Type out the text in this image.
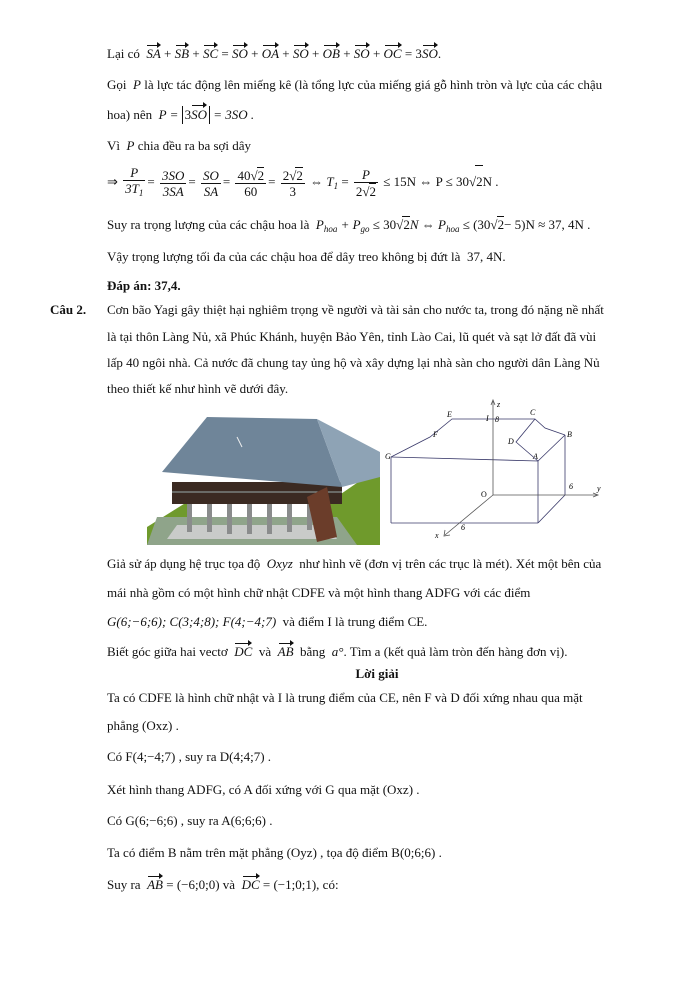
Lại có SA + SB + SC = SO + OA + SO + OB + SO + OC = 3SO.
Gọi P là lực tác động lên miếng kê (là tổng lực của miếng giá gỗ hình tròn và lực của các chậu
hoa) nên P = 3SO = 3SO .
Vì P chia đều ra ba sợi dây
⇒ $\frac{P}{3T_1} = \frac{3SO}{3SA} = \frac{SO}{SA} = \frac{40√2}{60} = \frac{2√2}{3}$ ⇔ $T_1 = \frac{P}{2√2} \le 15N$ ⇔ P ≤ 30√2N .
Suy ra trọng lượng của các chậu hoa là $P_{hoa} + P_{go} \le 30√2N$ ⇔ $P_{hoa} \le (30√2- 5)N \approx 37$, 4N .
Vậy trọng lượng tối đa của các chậu hoa để dây treo không bị đứt là 37, 4N.
Đáp án: 37,4.
Câu 2. Cơn bão Yagi gây thiệt hại nghiêm trọng về người và tài sản cho nước ta, trong đó nặng nề nhất
là tại thôn Làng Nủ, xã Phúc Khánh, huyện Bảo Yên, tỉnh Lào Cai, lũ quét và sạt lở đất đã vùi
lấp 40 ngôi nhà. Cả nước đã chung tay ủng hộ và xây dựng lại nhà sàn cho người dân Làng Nủ
theo thiết kế như hình vẽ dưới đây.
E
F
G
I
z
8
C
D
B
A
O
y
6
x
6
Giả sử áp dụng hệ trục tọa độ Oxyz như hình vẽ (đơn vị trên các trục là mét). Xét một bên của
mái nhà gồm có một hình chữ nhật CDFE và một hình thang ADFG với các điểm
G(6;−6;6); C(3;4;8); F(4;−4;7) và điểm I là trung điểm CE.
Biết góc giữa hai vectơ DC và AB bằng a°. Tìm a (kết quả làm tròn đến hàng đơn vị).
Lời giải
Ta có CDFE là hình chữ nhật và I là trung điểm của CE, nên F và D đối xứng nhau qua mặt
phẳng (Oxz) .
Có F(4;−4;7) , suy ra D(4;4;7) .
Xét hình thang ADFG, có A đối xứng với G qua mặt (Oxz) .
Có G(6;−6;6) , suy ra A(6;6;6) .
Ta có điểm B nằm trên mặt phẳng (Oyz) , tọa độ điểm B(0;6;6) .
Suy ra AB = (−6;0;0) và DC = (−1;0;1), có:
